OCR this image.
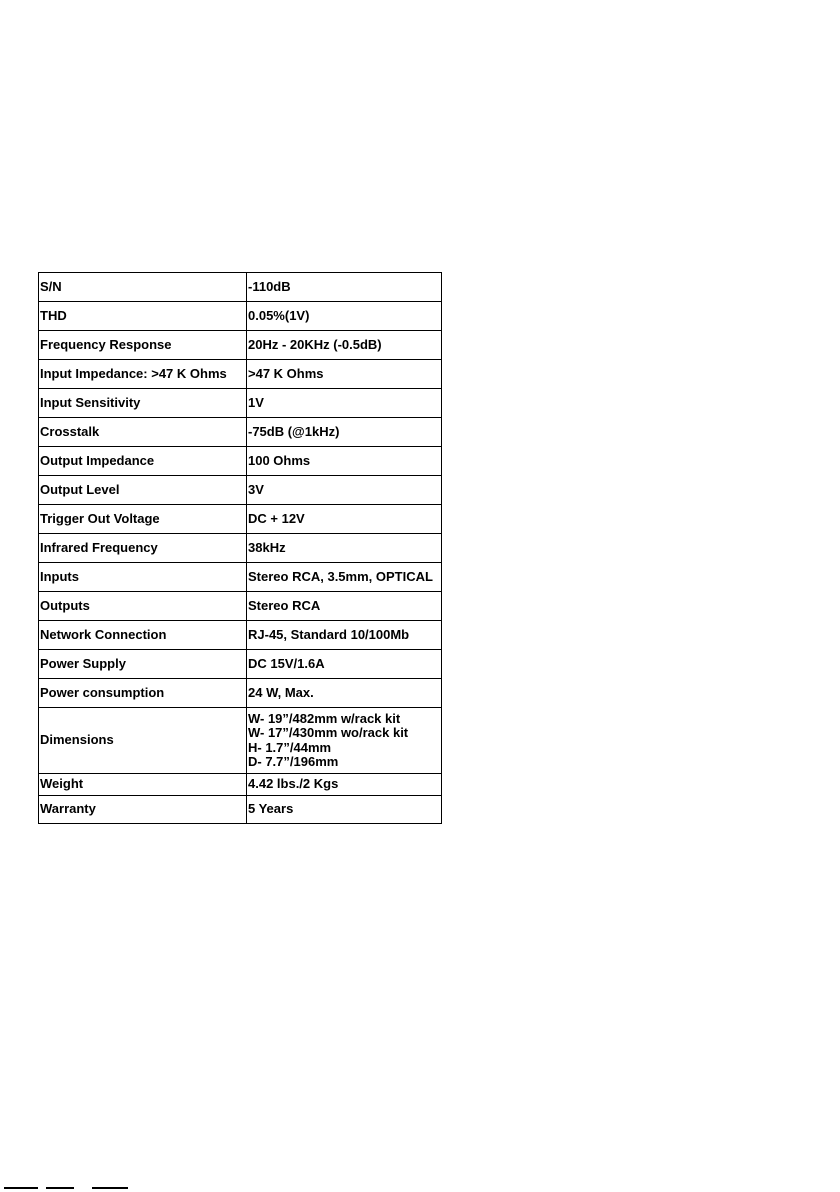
S/N	-110dB
THD	0.05%(1V)
Frequency Response	20Hz - 20KHz (-0.5dB)
Input Impedance: >47 K Ohms	>47 K Ohms
Input Sensitivity	1V
Crosstalk	-75dB (@1kHz)
Output Impedance	100 Ohms
Output Level	3V
Trigger Out Voltage	DC + 12V
Infrared Frequency	38kHz
Inputs	Stereo RCA, 3.5mm, OPTICAL
Outputs	Stereo RCA
Network Connection	RJ-45, Standard 10/100Mb
Power Supply	DC 15V/1.6A
Power consumption	24 W, Max.
Dimensions	W- 19”/482mm w/rack kit
W- 17”/430mm wo/rack kit
H- 1.7”/44mm
D- 7.7”/196mm

Weight	4.42 lbs./2 Kgs
Warranty	5 Years
